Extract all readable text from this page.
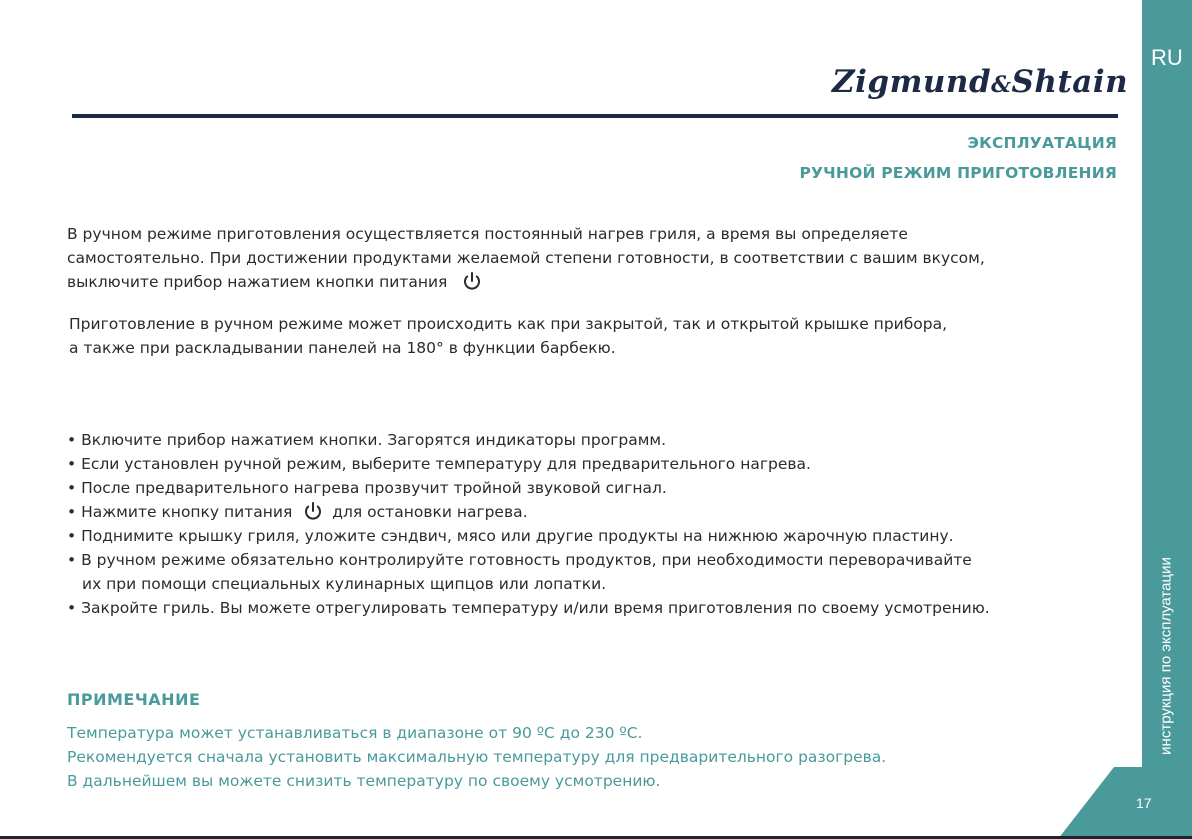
RU
инструкция по эксплуатации
17
Zigmund&Shtain
ЭКСПЛУАТАЦИЯ
РУЧНОЙ РЕЖИМ ПРИГОТОВЛЕНИЯ
В ручном режиме приготовления осуществляется постоянный нагрев гриля, а время вы определяете
самостоятельно. При достижении продуктами желаемой степени готовности, в соответствии с вашим вкусом,
выключите прибор нажатием кнопки питания
Приготовление в ручном режиме может происходить как при закрытой, так и открытой крышке прибора,
а также при раскладывании панелей на 180° в функции барбекю.
• Включите прибор нажатием кнопки. Загорятся индикаторы программ.
• Если установлен ручной режим, выберите температуру для предварительного нагрева.
• После предварительного нагрева прозвучит тройной звуковой сигнал.
• Нажмите кнопку питания	для остановки нагрева.
• Поднимите крышку гриля, уложите сэндвич, мясо или другие продукты на нижнюю жарочную пластину.
• В ручном режиме обязательно контролируйте готовность продуктов, при необходимости переворачивайте
их при помощи специальных кулинарных щипцов или лопатки.
• Закройте гриль. Вы можете отрегулировать температуру и/или время приготовления по своему усмотрению.
ПРИМЕЧАНИЕ
Температура может устанавливаться в диапазоне от 90 ºC до 230 ºC.
Рекомендуется сначала установить максимальную температуру для предварительного разогрева.
В дальнейшем вы можете снизить температуру по своему усмотрению.
